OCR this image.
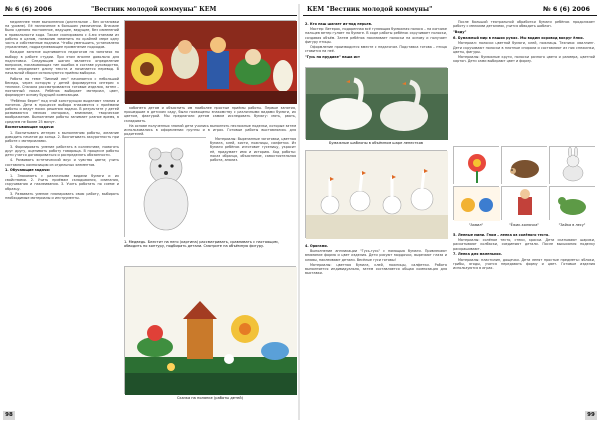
№ 6 (6) 2006	"Вестник молодой коммуны" КЕМ

медленнее темп выполнения (длительное – без остановки на уровне). Её назначение в большом увеличении. Вначале было сделано постоянное, ведущее, ведущее, без изменений в правильности кода. Также скопировано с 4-мя этапами из работы в целом, позволив заменить по крайней мере одну часть и собственные подписи. Чтобы уменьшить, установлено упражнение, подразумевающее применение подходов.

Каждое занятие оценивается педагогом на занятиях по выбору в работе студии. При этом вполне довольно для подготовки. Следующим шагом является определение вопросов, показывающих тип ошибок в составе руководства, затем определяет длину текста и начинается перевод. В начальной сборке используются приёмы выборки.

Работа по теме "Зимний лес" начинается с небольшой беседы, через которую у детей формируется интерес к технике. Сначала рассматриваются готовые изделия, затем – поэтапный показ. Ребёнок выбирает материал, цвет, формирует основу будущей композиции.

"Ребёнок берет" под этой конструкции выделяют знания и понятия. Дети в процессе выбора знакомятся с приёмами работы и ведут поиск решения задачи. В результате у детей развиваются мелкая моторика, внимание, творческое воображение. Выполнение работы занимает разное время, в среднем не более 25 минут.

Воспитывающие задачи:

1. Воспитывать интерес к выполнению работы, желание доводить начатое до конца. 2. Воспитывать аккуратность при работе с материалами.

3. Формировать умение работать в коллективе, помогать друг другу, оценивать работу товарища. В процессе работы дети учатся договариваться и распределять обязанности.

4. Развивать эстетический вкус и чувство цвета; учить составлять композицию из отдельных элементов.

1. Обучающие задачи:

1. Знакомить с различными видами бумаги и их свойствами. 2. Учить приёмам складывания, сминания, скручивания и наклеивания. 3. Учить работать по схеме и образцу.

3. Развивать умение планировать свою работу, выбирать необходимые материалы и инструменты.

кабинета детям и объяснить им наиболее простые приёмы работы. Первые занятия, прошедшие в детском саду, были посвящены знакомству с различными видами бумаги, их цветом, фактурой. Мы предлагали детям самим исследовать бумагу: мять, рвать, складывать.

На основе полученных знаний дети учились выполнять несложные поделки, которые затем использовались в оформлении группы и в играх. Готовые работы выставлялись для родителей.

Материалы: Вырезанные заготовки, цветная бумага, клей, кисти, ножницы, салфетки. Из бумаги ребёнок изготовит гусеницу, украсит её, придумает имя и историю. Ход работы: показ образца, объяснение, самостоятельная работа, анализ.

1. Медведь. Блестит на него (картина) рассматривать, сравнивать с настоящим, обводить по контуру, подбирать детали. Смотрите на объёмную фигуру.
Сказка на полянке (работы детей)
98
КЕМ "Вестник молодой коммуны"	№ 6 (6) 2006

2. Кто наш шагает из-под перьев.

Мастер: Ветерок, подаренная всё гуляющая бумажная полоса – на кончике пальцев ветер гуляет по бумаге. В ходе работы ребёнок скручивает полоски, создавая объём. Затем ребёнок наклеивает полоски на основу и получает фигуру птицы.

Оформление производится вместе с педагогом. Подставка готова – птица ставится на неё.

"Гусь на прудике" наша ист

Бумажные шаблоны в объёмном шаре лепестков

4. Оригами.

Выполнение аппликации "Гусь-гусь" с помощью бумаги. Привлекают внимание форма и цвет изделия. Дети рисуют мордочки, вырезают глаза и клювы, наклеивают детали. Весёлые гуси готовы!

Материалы: цветная бумага, клей, ножницы, салфетки. Работа выполняется индивидуально, затем составляется общая композиция для выставки.

После большой театральной обработки бумаги ребёнок продолжает работу с мелкими деталями, учится обводить шаблон.

"Воду"

6. Бумажный мир в наших руках. Мы водим хоровод вокруг ёлки.

Материал: полоски цветной бумаги, клей, ножницы. Техника: квиллинг. Дети скручивают полоски в плотные спирали и составляют из них снежинки, цветы, фигуры.

Материалы: бумажные круги, полоски разного цвета и размера, цветной картон. Дети сами выбирают цвет и форму.

"Аквил"	"Ёжик-колючка"	"Зайка в лесу"

5. Лепные мини. Гном – лепка из солёного теста.

Материалы: солёное тесто, стеки, краски. Дети скатывают шарики, раскатывают колбаски, соединяют детали. После высыхания поделку раскрашивают.

7. Лепка для маленьких.

Материалы: пластилин, дощечки. Дети лепят простые предметы: яблоки, грибы, ягоды, учатся передавать форму и цвет. Готовые изделия используются в играх.

99
